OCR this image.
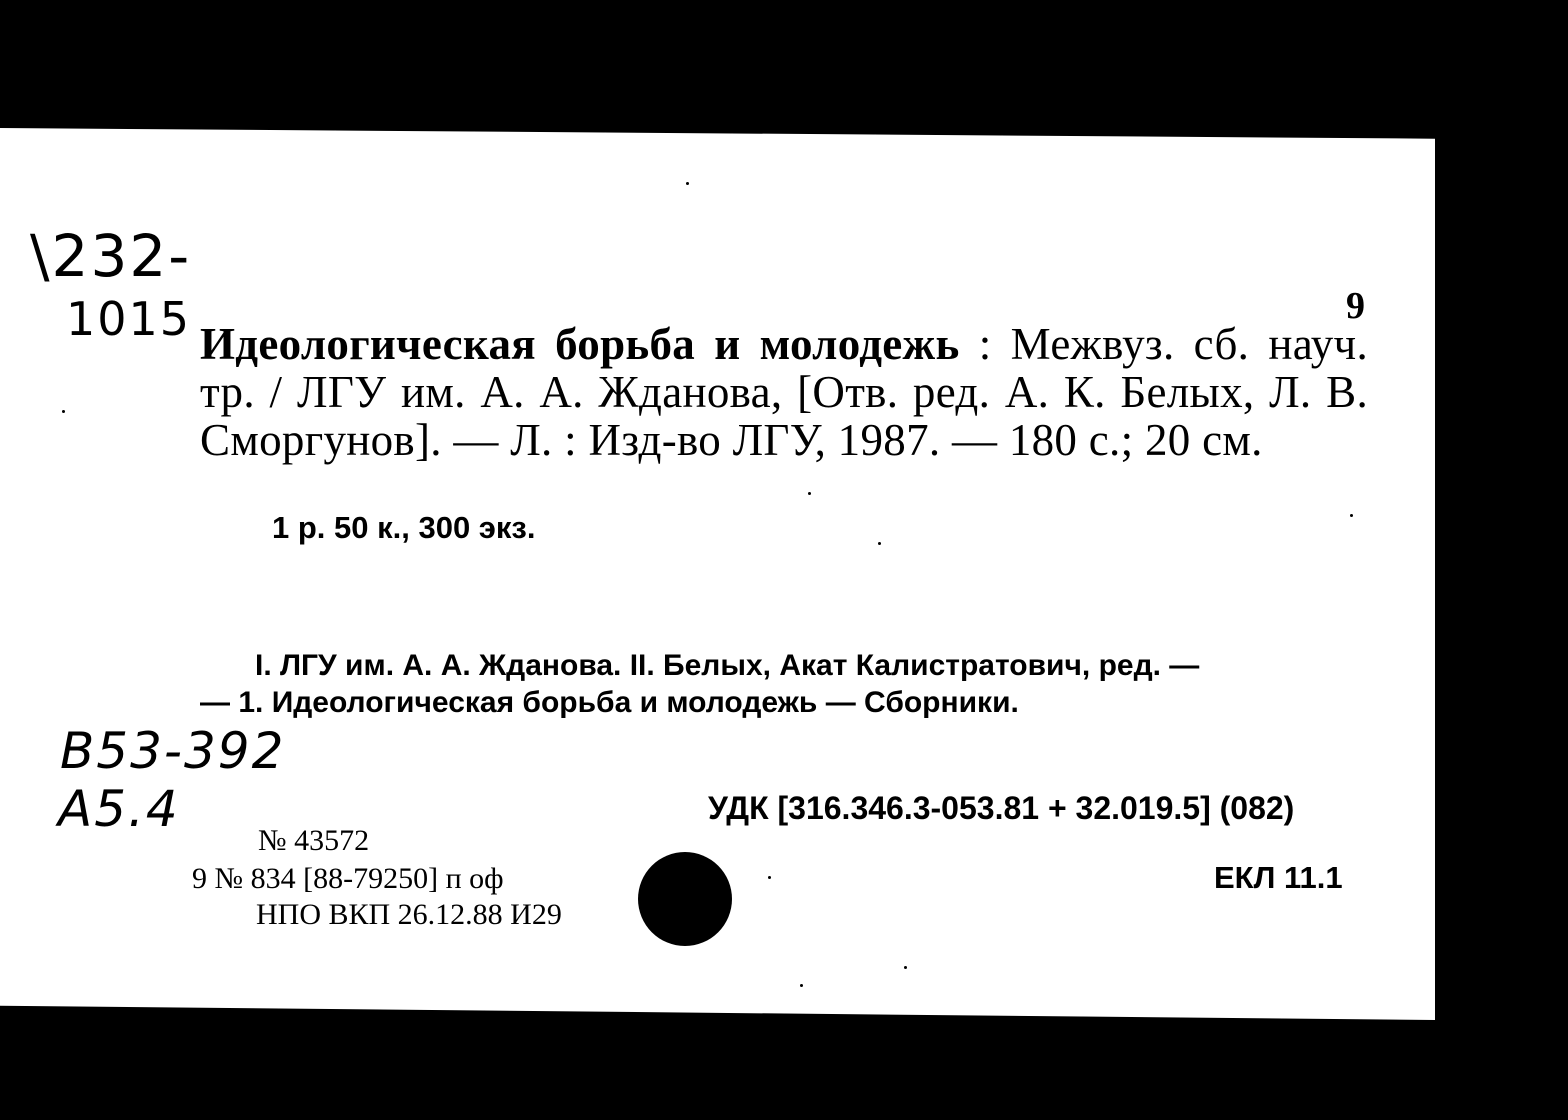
\232-
1015	9
Идеологическая борьба и молодежь : Межвуз. сб. науч. тр. / ЛГУ им. А. А. Жданова, [Отв. ред. А. К. Белых, Л. В. Сморгунов]. — Л. : Изд-во ЛГУ, 1987. — 180 с.; 20 см.
1 р. 50 к., 300 экз.
I. ЛГУ им. А. А. Жданова. II. Белых, Акат Калистратович, ред. —
— 1. Идеологическая борьба и молодежь — Сборники.
В53-392
А5.4	УДК [316.346.3-053.81 + 32.019.5] (082)
№ 43572
9 № 834 [88-79250] п оф
НПО ВКП 26.12.88 И29
ЕКЛ 11.1
